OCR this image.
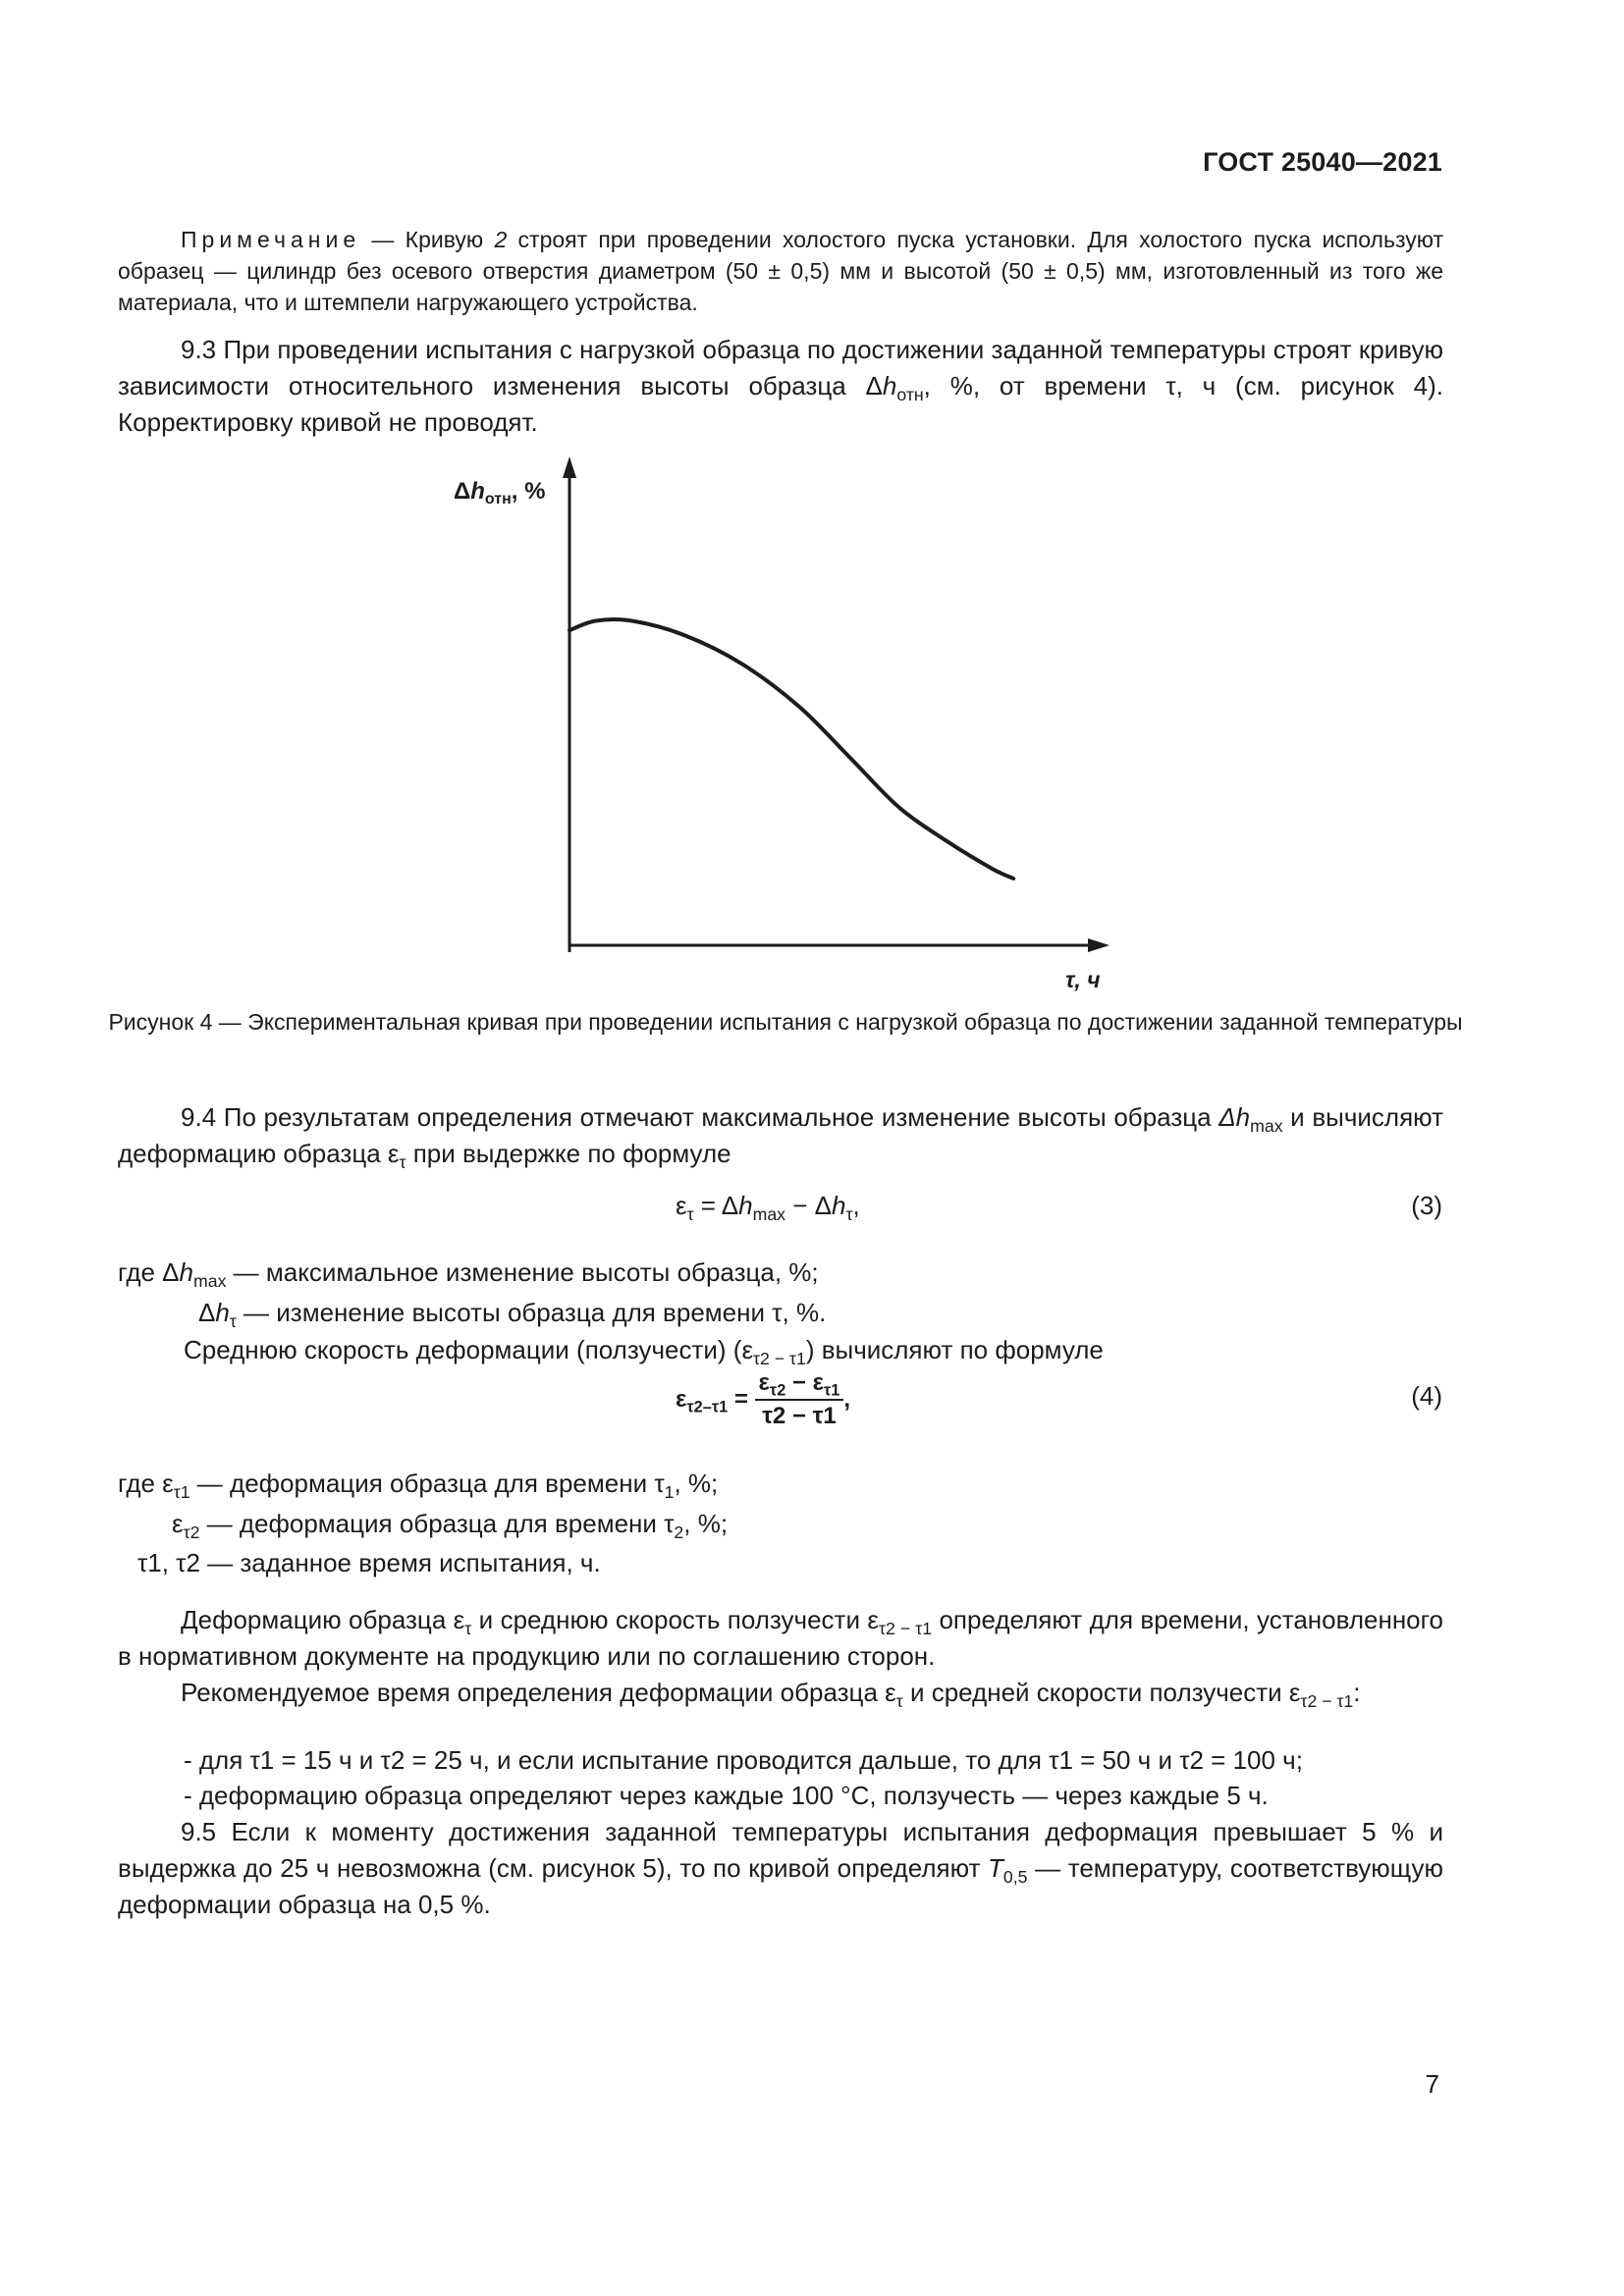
ГОСТ 25040—2021
Примечание — Кривую 2 строят при проведении холостого пуска установки. Для холостого пуска используют образец — цилиндр без осевого отверстия диаметром (50 ± 0,5) мм и высотой (50 ± 0,5) мм, изготовленный из того же материала, что и штемпели нагружающего устройства.
9.3 При проведении испытания с нагрузкой образца по достижении заданной температуры строят кривую зависимости относительного изменения высоты образца $\Delta h_{отн}$, %, от времени τ, ч (см. рисунок 4). Корректировку кривой не проводят.
$\Delta h_{отн}$, %
τ, ч
Рисунок 4 — Экспериментальная кривая при проведении испытания с нагрузкой образца по достижении заданной температуры
9.4 По результатам определения отмечают максимальное изменение высоты образца $\Delta h_{max}$ и вычисляют деформацию образца $\varepsilon_\tau$ при выдержке по формуле
$\varepsilon_\tau = \Delta h_{max} - \Delta h_\tau$,	(3)
где $\Delta h_{max}$ — максимальное изменение высоты образца, %;
$\Delta h_\tau$ — изменение высоты образца для времени τ, %.
Среднюю скорость деформации (ползучести) $(\varepsilon_{\tau 2 - \tau 1})$ вычисляют по формуле
$\varepsilon_{\tau 2-\tau 1} = \frac{\varepsilon_{\tau 2} - \varepsilon_{\tau 1}}{\tau 2 - \tau 1}$ ,	(4)
где $\varepsilon_{\tau 1}$ — деформация образца для времени $\tau_1$, %;
$\varepsilon_{\tau 2}$ — деформация образца для времени $\tau_2$, %;
τ1, τ2 — заданное время испытания, ч.
Деформацию образца $\varepsilon_\tau$ и среднюю скорость ползучести $\varepsilon_{\tau 2 - \tau 1}$ определяют для времени, установленного в нормативном документе на продукцию или по соглашению сторон.
Рекомендуемое время определения деформации образца $\varepsilon_\tau$ и средней скорости ползучести $\varepsilon_{\tau 2 - \tau 1}$:
- для τ1 = 15 ч и τ2 = 25 ч, и если испытание проводится дальше, то для τ1 = 50 ч и τ2 = 100 ч;
- деформацию образца определяют через каждые 100 °С, ползучесть — через каждые 5 ч.
9.5 Если к моменту достижения заданной температуры испытания деформация превышает 5 % и выдержка до 25 ч невозможна (см. рисунок 5), то по кривой определяют $T_{0,5}$ — температуру, соответствующую деформации образца на 0,5 %.
7
